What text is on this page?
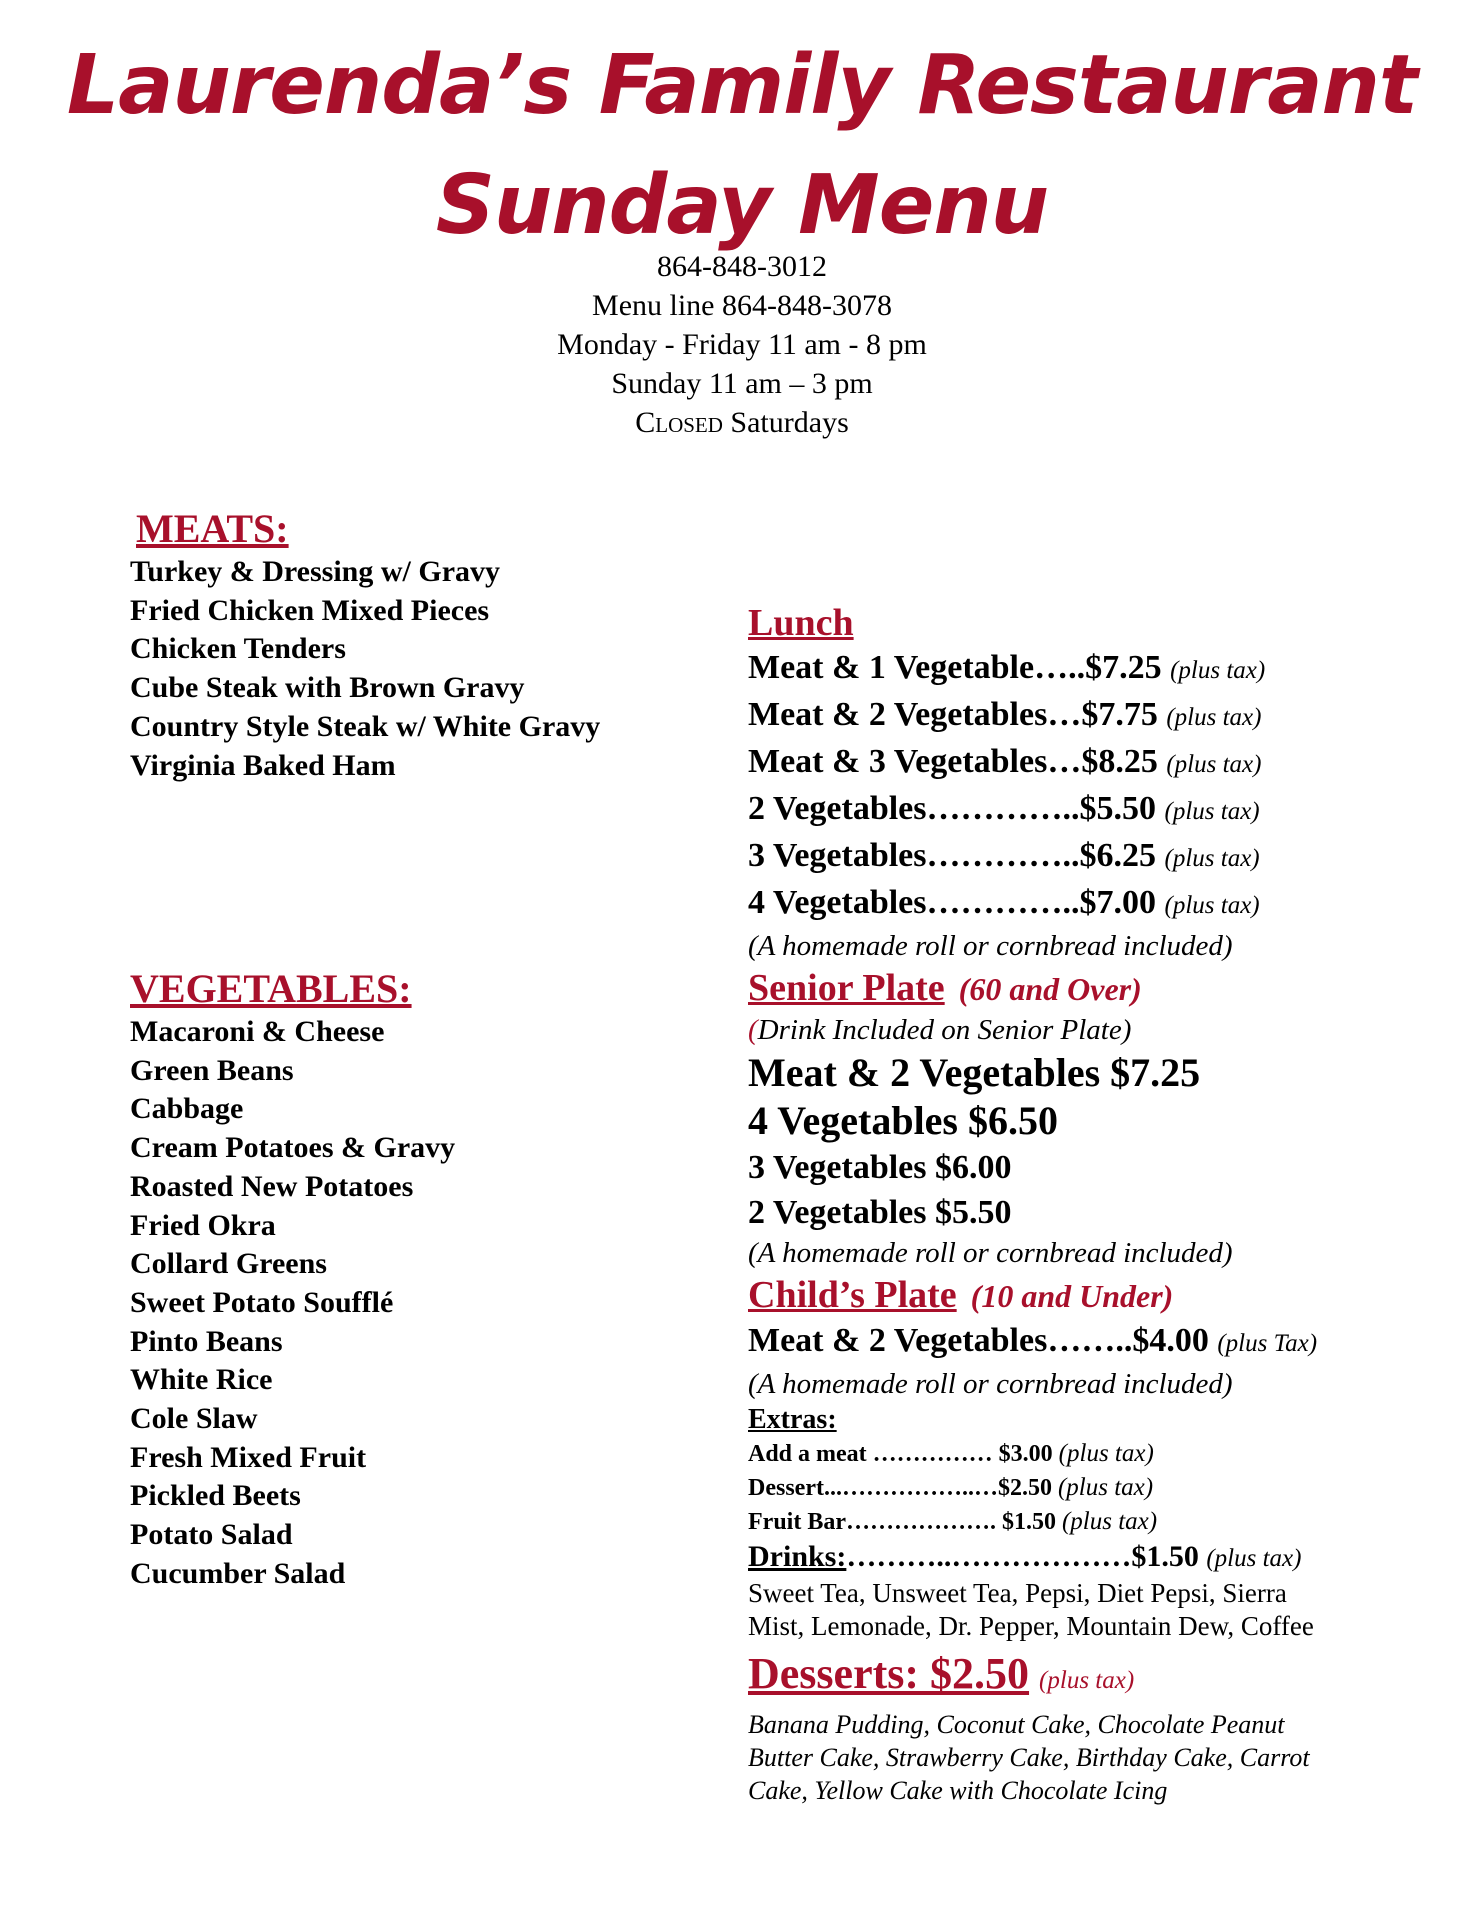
Laurenda’s Family Restaurant
Sunday Menu
864-848-3012
Menu line 864-848-3078
Monday - Friday 11 am - 8 pm
Sunday 11 am – 3 pm
Closed Saturdays
MEATS:
Turkey & Dressing w/ Gravy
Fried Chicken Mixed Pieces
Chicken Tenders
Cube Steak with Brown Gravy
Country Style Steak w/ White Gravy
Virginia Baked Ham
VEGETABLES:
Macaroni & Cheese
Green Beans
Cabbage
Cream Potatoes & Gravy
Roasted New Potatoes
Fried Okra
Collard Greens
Sweet Potato Soufflé
Pinto Beans
White Rice
Cole Slaw
Fresh Mixed Fruit
Pickled Beets
Potato Salad
Cucumber Salad
Lunch
Meat & 1 Vegetable…..$7.25 (plus tax)
Meat & 2 Vegetables…$7.75 (plus tax)
Meat & 3 Vegetables…$8.25 (plus tax)
2 Vegetables…………..$5.50 (plus tax)
3 Vegetables…………..$6.25 (plus tax)
4 Vegetables…………..$7.00 (plus tax)
(A homemade roll or cornbread included)
Senior Plate (60 and Over)
(Drink Included on Senior Plate)
Meat & 2 Vegetables $7.25
4 Vegetables $6.50
3 Vegetables $6.00
2 Vegetables $5.50
(A homemade roll or cornbread included)
Child’s Plate (10 and Under)
Meat & 2 Vegetables……..$4.00 (plus Tax)
(A homemade roll or cornbread included)
Extras:
Add a meat …………… $3.00 (plus tax)
Dessert...……………..…$2.50 (plus tax)
Fruit Bar………………. $1.50 (plus tax)
Drinks:………..………………$1.50 (plus tax)
Sweet Tea, Unsweet Tea, Pepsi, Diet Pepsi, Sierra
Mist, Lemonade, Dr. Pepper, Mountain Dew, Coffee
Desserts: $2.50 (plus tax)
Banana Pudding, Coconut Cake, Chocolate Peanut
Butter Cake, Strawberry Cake, Birthday Cake, Carrot
Cake, Yellow Cake with Chocolate Icing
